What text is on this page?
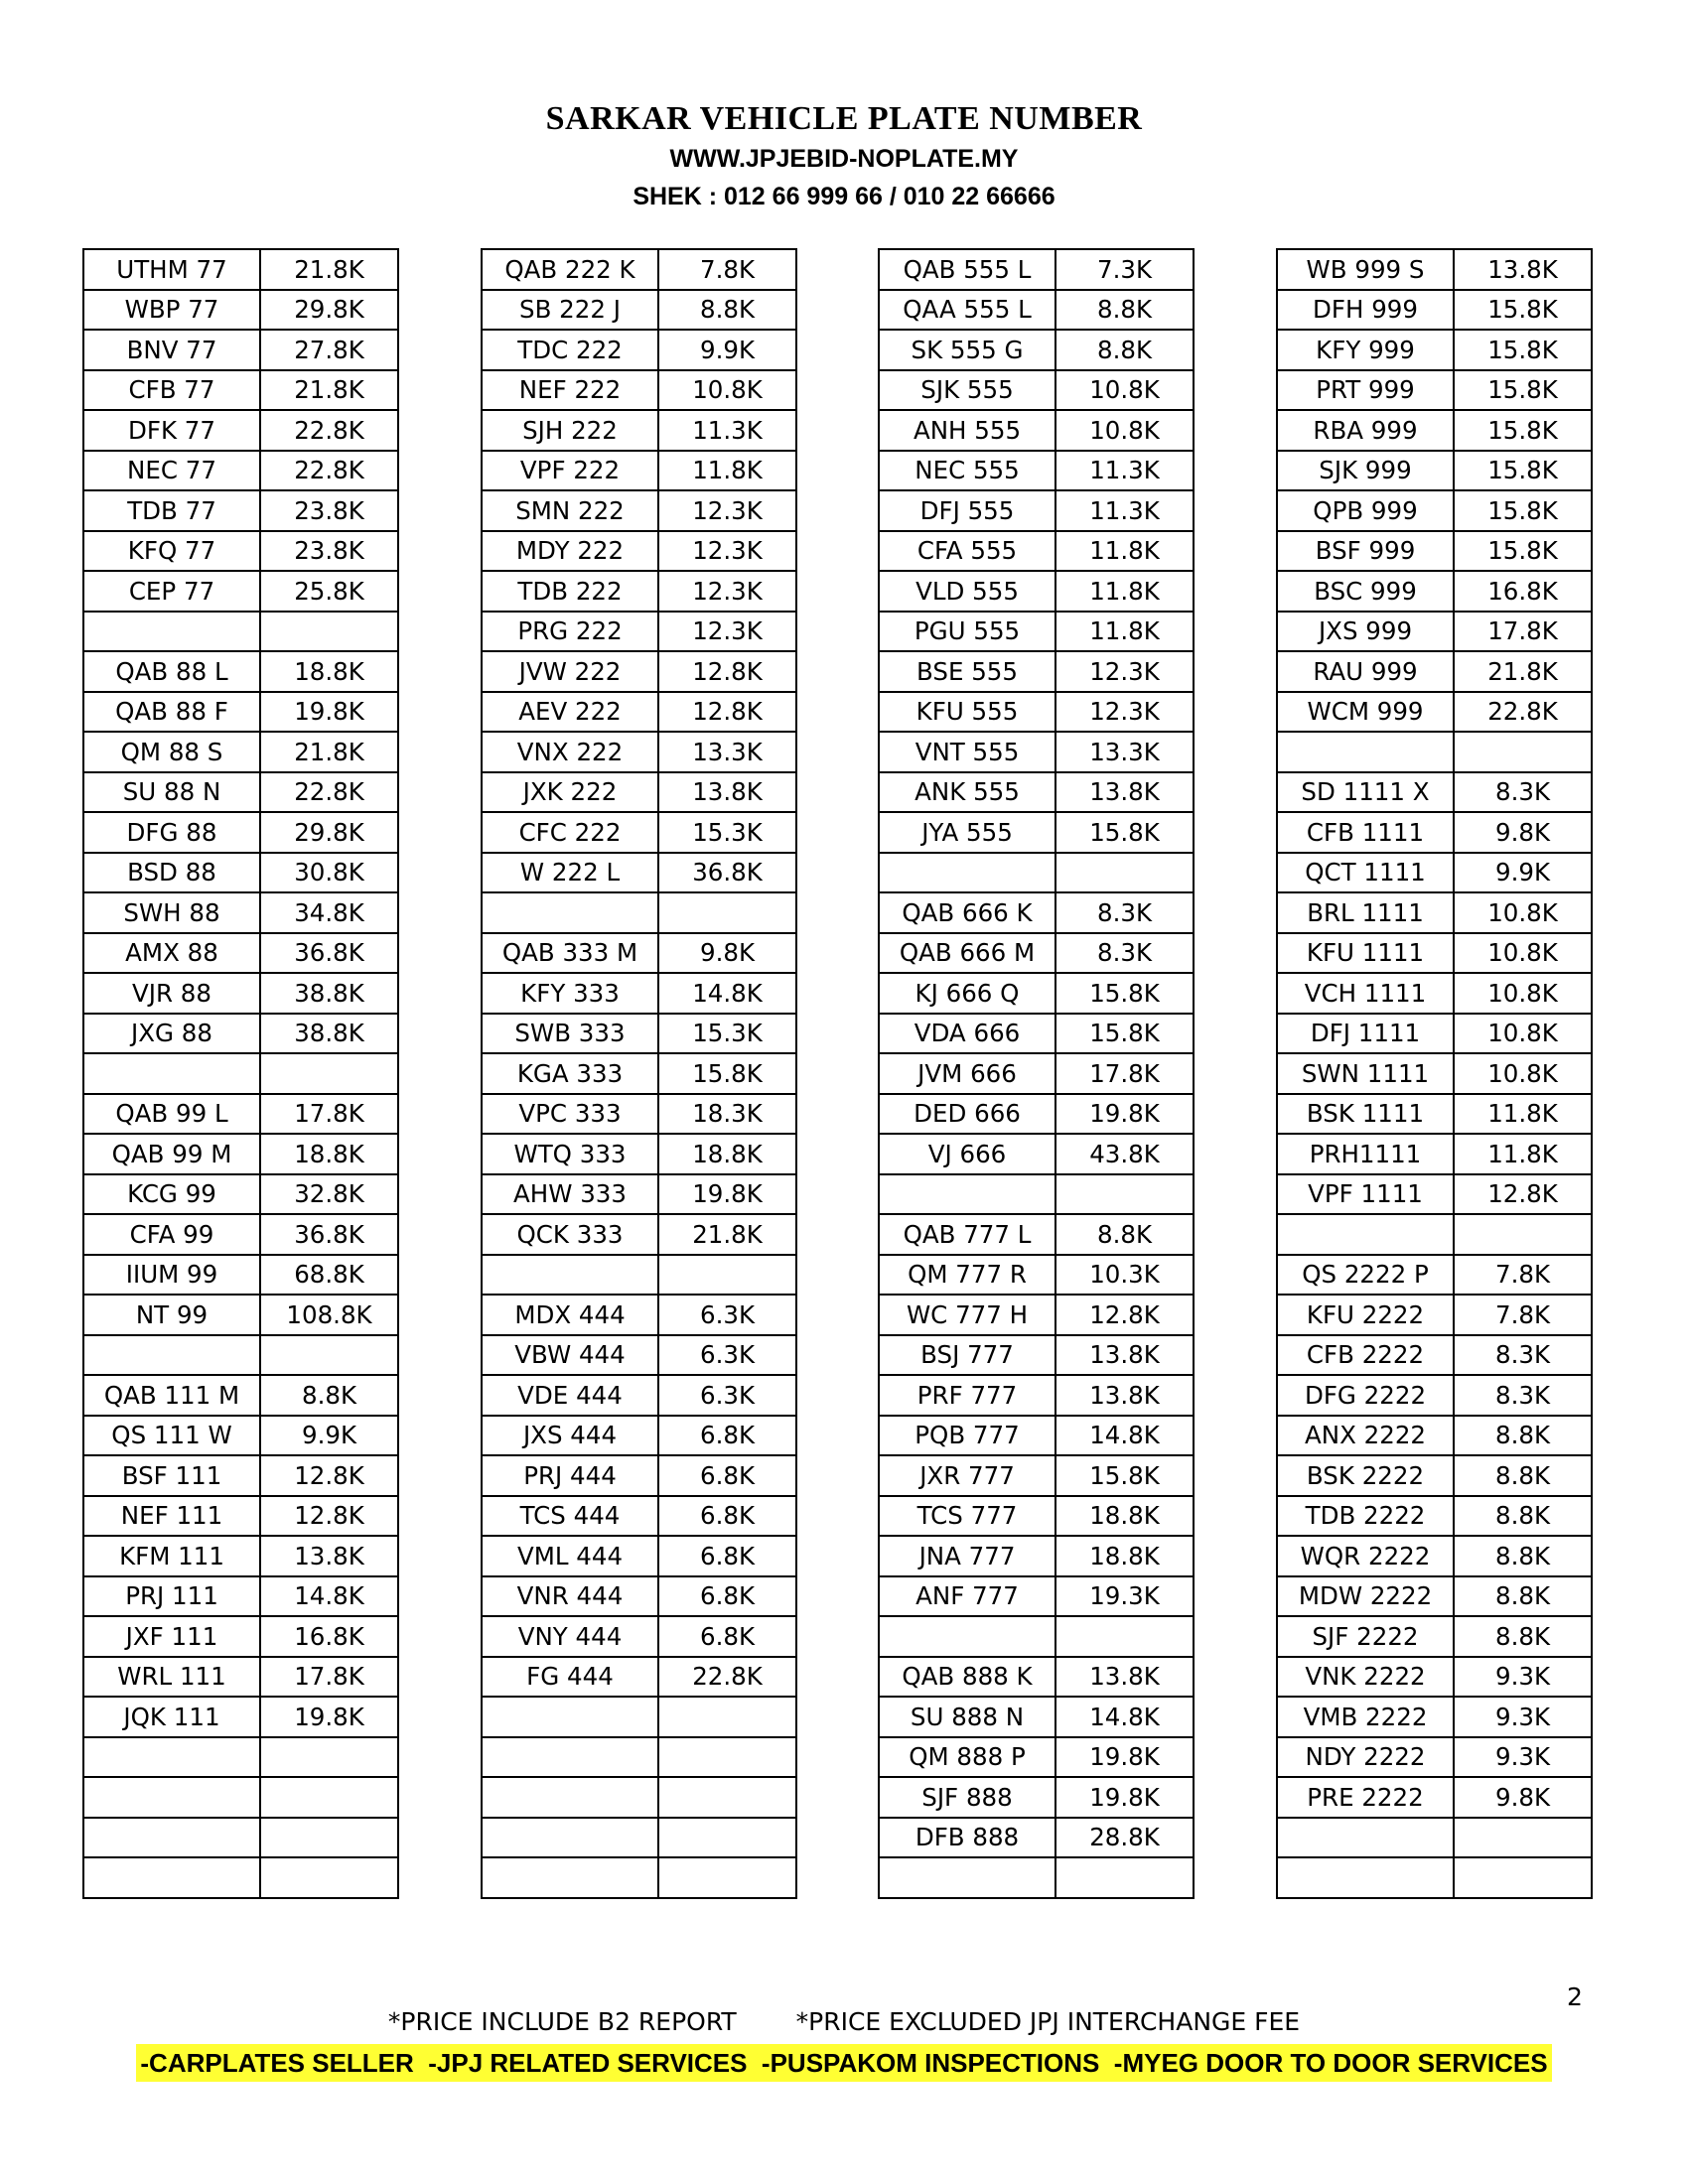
SARKAR VEHICLE PLATE NUMBER
WWW.JPJEBID-NOPLATE.MY
SHEK : 012 66 999 66 / 010 22 66666
UTHM 77	21.8K
WBP 77	29.8K
BNV 77	27.8K
CFB 77	21.8K
DFK 77	22.8K
NEC 77	22.8K
TDB 77	23.8K
KFQ 77	23.8K
CEP 77	25.8K

QAB 88 L	18.8K
QAB 88 F	19.8K
QM 88 S	21.8K
SU 88 N	22.8K
DFG 88	29.8K
BSD 88	30.8K
SWH 88	34.8K
AMX 88	36.8K
VJR 88	38.8K
JXG 88	38.8K

QAB 99 L	17.8K
QAB 99 M	18.8K
KCG 99	32.8K
CFA 99	36.8K
IIUM 99	68.8K
NT 99	108.8K

QAB 111 M	8.8K
QS 111 W	9.9K
BSF 111	12.8K
NEF 111	12.8K
KFM 111	13.8K
PRJ 111	14.8K
JXF 111	16.8K
WRL 111	17.8K
JQK 111	19.8K

QAB 222 K	7.8K
SB 222 J	8.8K
TDC 222	9.9K
NEF 222	10.8K
SJH 222	11.3K
VPF 222	11.8K
SMN 222	12.3K
MDY 222	12.3K
TDB 222	12.3K
PRG 222	12.3K
JVW 222	12.8K
AEV 222	12.8K
VNX 222	13.3K
JXK 222	13.8K
CFC 222	15.3K
W 222 L	36.8K

QAB 333 M	9.8K
KFY 333	14.8K
SWB 333	15.3K
KGA 333	15.8K
VPC 333	18.3K
WTQ 333	18.8K
AHW 333	19.8K
QCK 333	21.8K

MDX 444	6.3K
VBW 444	6.3K
VDE 444	6.3K
JXS 444	6.8K
PRJ 444	6.8K
TCS 444	6.8K
VML 444	6.8K
VNR 444	6.8K
VNY 444	6.8K
FG 444	22.8K

QAB 555 L	7.3K
QAA 555 L	8.8K
SK 555 G	8.8K
SJK 555	10.8K
ANH 555	10.8K
NEC 555	11.3K
DFJ 555	11.3K
CFA 555	11.8K
VLD 555	11.8K
PGU 555	11.8K
BSE 555	12.3K
KFU 555	12.3K
VNT 555	13.3K
ANK 555	13.8K
JYA 555	15.8K

QAB 666 K	8.3K
QAB 666 M	8.3K
KJ 666 Q	15.8K
VDA 666	15.8K
JVM 666	17.8K
DED 666	19.8K
VJ 666	43.8K

QAB 777 L	8.8K
QM 777 R	10.3K
WC 777 H	12.8K
BSJ 777	13.8K
PRF 777	13.8K
PQB 777	14.8K
JXR 777	15.8K
TCS 777	18.8K
JNA 777	18.8K
ANF 777	19.3K

QAB 888 K	13.8K
SU 888 N	14.8K
QM 888 P	19.8K
SJF 888	19.8K
DFB 888	28.8K

WB 999 S	13.8K
DFH 999	15.8K
KFY 999	15.8K
PRT 999	15.8K
RBA 999	15.8K
SJK 999	15.8K
QPB 999	15.8K
BSF 999	15.8K
BSC 999	16.8K
JXS 999	17.8K
RAU 999	21.8K
WCM 999	22.8K

SD 1111 X	8.3K
CFB 1111	9.8K
QCT 1111	9.9K
BRL 1111	10.8K
KFU 1111	10.8K
VCH 1111	10.8K
DFJ 1111	10.8K
SWN 1111	10.8K
BSK 1111	11.8K
PRH1111	11.8K
VPF 1111	12.8K

QS 2222 P	7.8K
KFU 2222	7.8K
CFB 2222	8.3K
DFG 2222	8.3K
ANX 2222	8.8K
BSK 2222	8.8K
TDB 2222	8.8K
WQR 2222	8.8K
MDW 2222	8.8K
SJF 2222	8.8K
VNK 2222	9.3K
VMB 2222	9.3K
NDY 2222	9.3K
PRE 2222	9.8K

2
*PRICE INCLUDE B2 REPORT *PRICE EXCLUDED JPJ INTERCHANGE FEE
-CARPLATES SELLER  -JPJ RELATED SERVICES  -PUSPAKOM INSPECTIONS  -MYEG DOOR TO DOOR SERVICES
